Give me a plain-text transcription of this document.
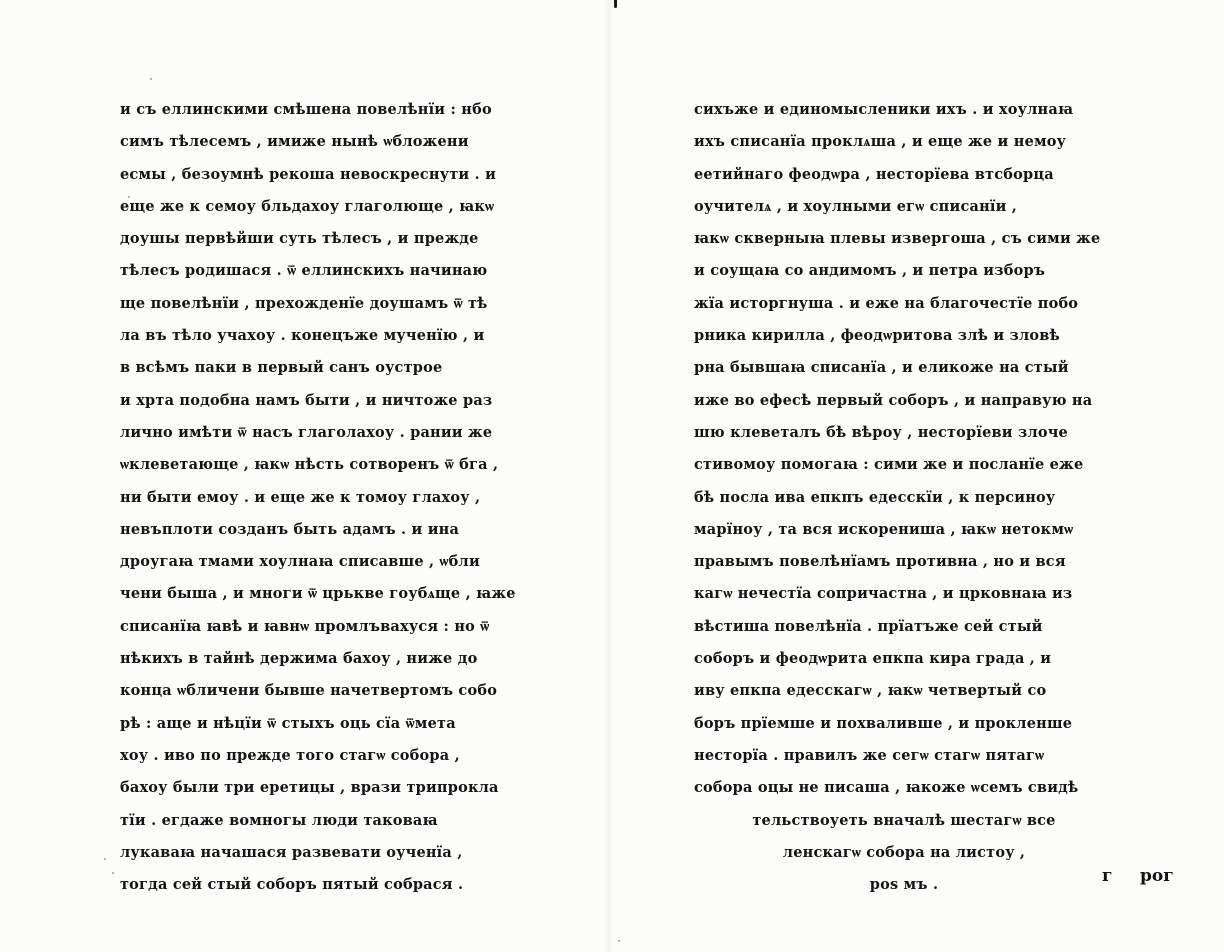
и съ еллинскими смѣшена повелѣнїи : нбо
симъ тѣлесемъ , имиже нынѣ ѡбложени
есмы , безоумнѣ рекоша невоскреснути . и
еще же к семоу бльдахоу глаголюще , ꙗкѡ
доушы первѣйши суть тѣлесъ , и прежде
тѣлесъ родишася . ѿ еллинскихъ начинаю
ще повелѣнїи , прехожденїе доушамъ ѿ тѣ
ла въ тѣло учахоу . конецъже мученїю , и
в всѣмъ паки в первый санъ оустрое
и хрта подобна намъ быти , и ничтоже раз
лично имѣти ѿ насъ глаголахоу . рании же
ѡклеветающе , ꙗкѡ нѣсть сотворенъ ѿ бга ,
ни быти емоу . и еще же к томоу глахоу ,
невъплоти созданъ быть адамъ . и ина
дроугаꙗ тмами хоулнаꙗ списавше , ѡбли
чени быша , и многи ѿ црькве гоубѧще , ꙗже
списанїꙗ ꙗвѣ и ꙗвнѡ промлъвахуся : но ѿ
нѣкихъ в тайнѣ держима бахоу , ниже до
конца ѡбличени бывше начетвертомъ собо
рѣ : аще и нѣцїи ѿ стыхъ оць сїа ѿмета
хоу . иво по прежде того стагѡ собора ,
бахоу были три еретицы , врази трипрокла
тїи . егдаже вомногы люди таковаꙗ
лукаваꙗ начашася развевати оученїа ,
тогда сей стый соборъ пятый собрася .
сихъже и единомысленики ихъ . и хоулнаꙗ
ихъ списанїа проклѧша , и еще же и немоу
еетийнаго феодѡра , несторїева втсборца
оучителѧ , и хоулными егѡ списанїи ,
ꙗкѡ скверныꙗ плевы извергоша , съ сими же
и соущаꙗ со андимомъ , и петра изборъ
жїа исторгнуша . и еже на благочестїе побо
рника кирилла , феодѡритова злѣ и зловѣ
рна бывшаꙗ списанїа , и еликоже на стый
иже во ефесѣ первый соборъ , и направую на
шю клеветалъ бѣ вѣроу , несторїеви злоче
стивомоу помогаꙗ : сими же и посланїе еже
бѣ посла ива епкпъ едесскїи , к персиноу
марїноу , та вся искорениша , ꙗкѡ нетокмѡ
правымъ повелѣнїамъ противна , но и вся
кагѡ нечестїа сопричастна , и црковнаꙗ из
вѣстиша повелѣнїа . прїатъже сей стый
соборъ и феодѡрита епкпа кира града , и
иву епкпа едесскагѡ , ꙗкѡ четвертый со
боръ прїемше и похваливше , и прокленше
несторїа . правилъ же сегѡ стагѡ пятагѡ
собора оцы не писаша , ꙗкоже ѡсемъ свидѣ
тельствоуеть вначалѣ шестагѡ все
ленскагѡ собора на листоу ,
роѕ мъ .	г рог
